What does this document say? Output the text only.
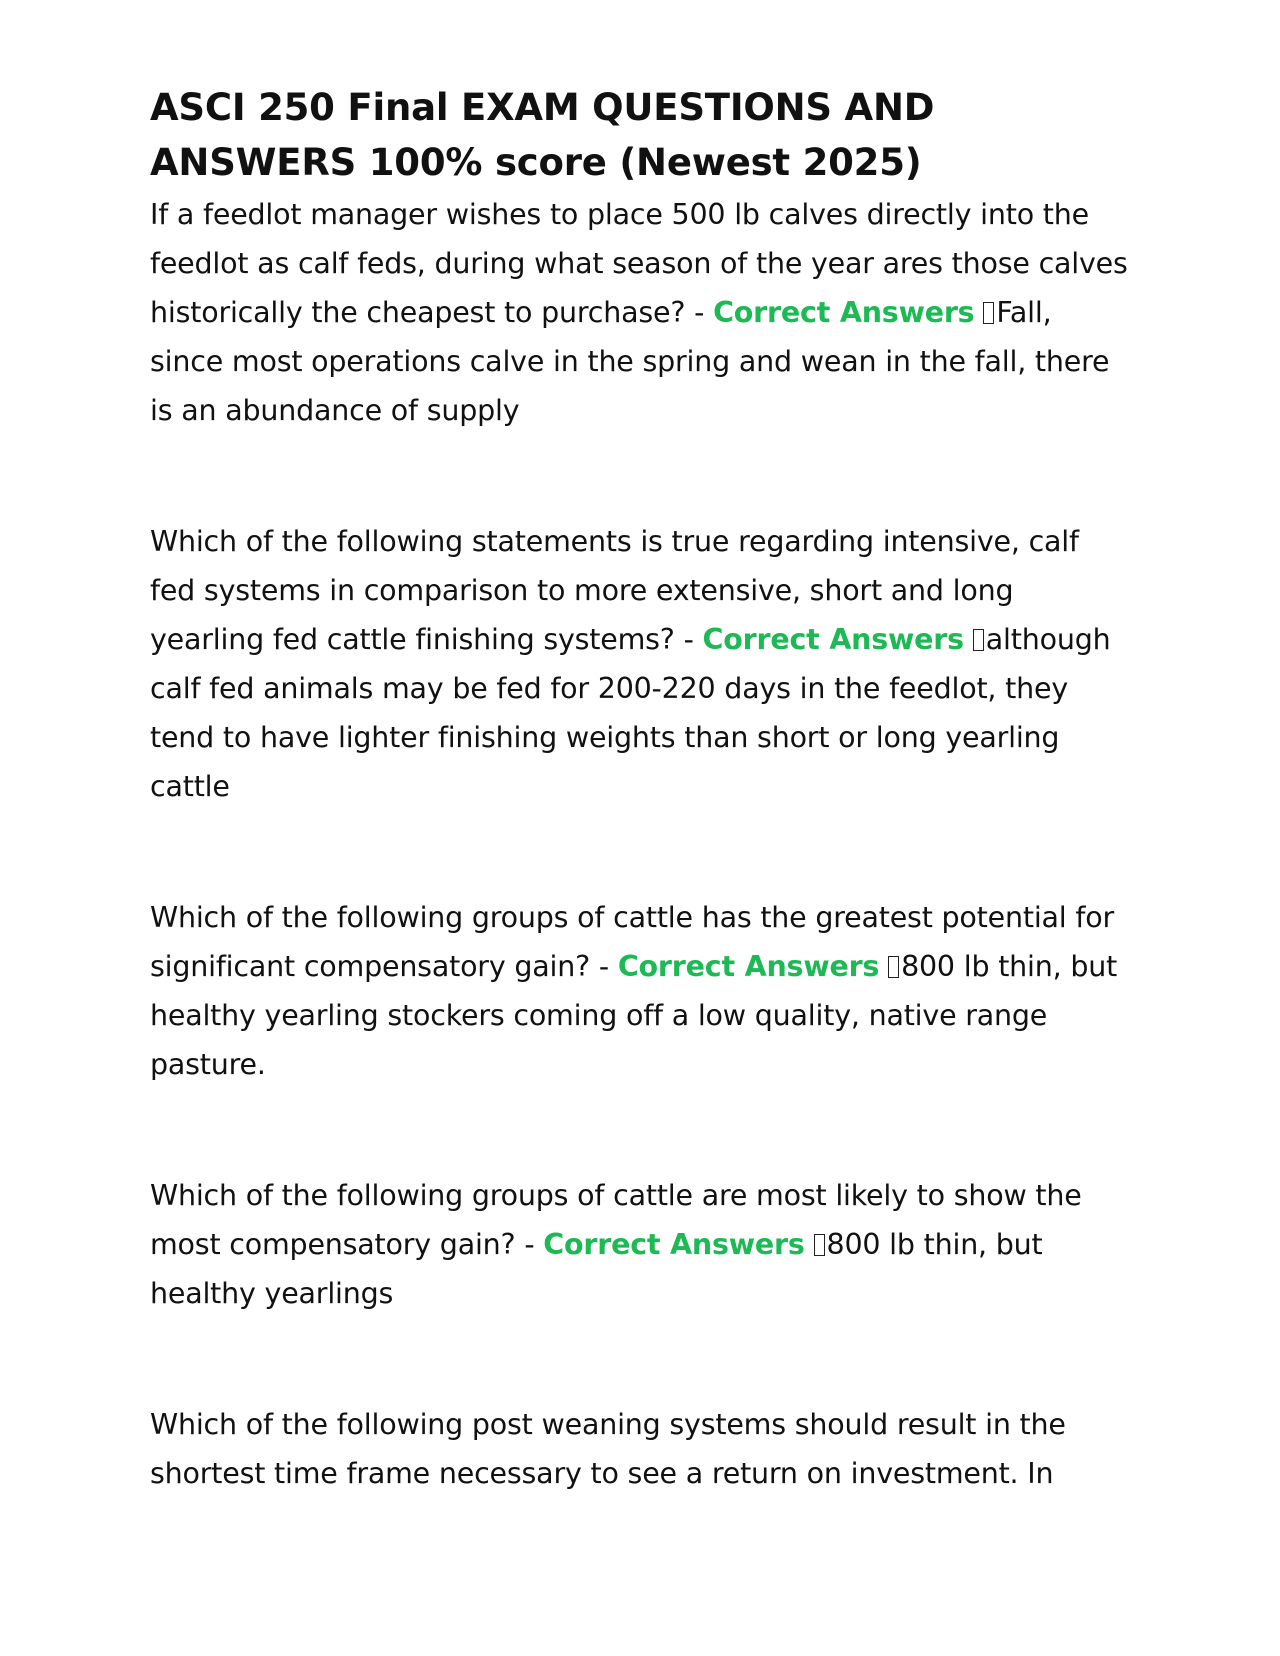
ASCI 250 Final EXAM QUESTIONS AND ANSWERS 100% score (Newest 2025)

If a feedlot manager wishes to place 500 lb calves directly into the feedlot as calf feds, during what season of the year ares those calves historically the cheapest to purchase? - Correct Answers Fall, since most operations calve in the spring and wean in the fall, there is an abundance of supply

Which of the following statements is true regarding intensive, calf fed systems in comparison to more extensive, short and long yearling fed cattle finishing systems? - Correct Answers although calf fed animals may be fed for 200-220 days in the feedlot, they tend to have lighter finishing weights than short or long yearling cattle

Which of the following groups of cattle has the greatest potential for significant compensatory gain? - Correct Answers 800 lb thin, but healthy yearling stockers coming off a low quality, native range pasture.

Which of the following groups of cattle are most likely to show the most compensatory gain? - Correct Answers 800 lb thin, but healthy yearlings

Which of the following post weaning systems should result in the shortest time frame necessary to see a return on investment. In
